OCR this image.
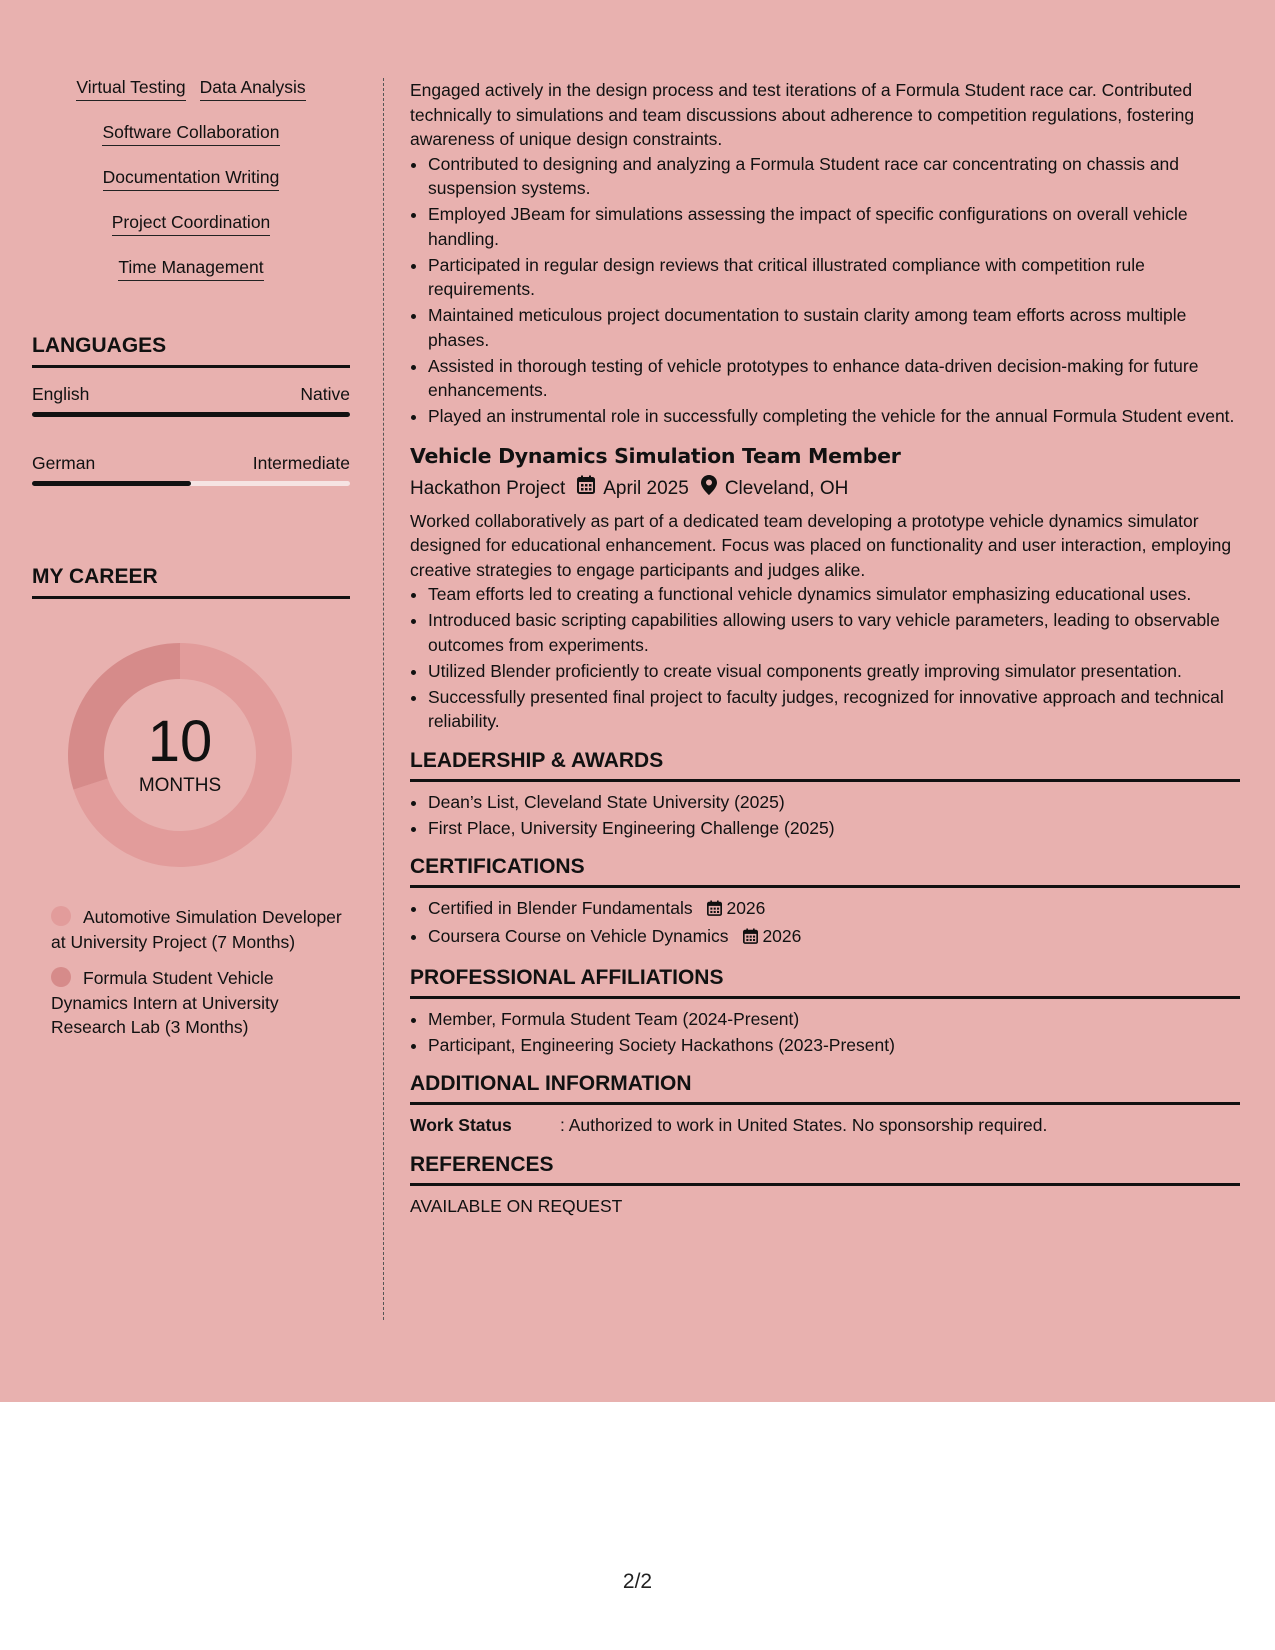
Virtual Testing Data Analysis
Software Collaboration
Documentation Writing
Project Coordination
Time Management
LANGUAGES
English	Native
German	Intermediate
MY CAREER
10
MONTHS
Automotive Simulation Developer at University Project (7 Months)
Formula Student Vehicle Dynamics Intern at University Research Lab (3 Months)

Engaged actively in the design process and test iterations of a Formula Student race car. Contributed technically to simulations and team discussions about adherence to competition regulations, fostering awareness of unique design constraints.

• Contributed to designing and analyzing a Formula Student race car concentrating on chassis and suspension systems.
• Employed JBeam for simulations assessing the impact of specific configurations on overall vehicle handling.
• Participated in regular design reviews that critical illustrated compliance with competition rule requirements.
• Maintained meticulous project documentation to sustain clarity among team efforts across multiple phases.
• Assisted in thorough testing of vehicle prototypes to enhance data-driven decision-making for future enhancements.
• Played an instrumental role in successfully completing the vehicle for the annual Formula Student event.
Vehicle Dynamics Simulation Team Member
Hackathon Project April 2025 Cleveland, OH

Worked collaboratively as part of a dedicated team developing a prototype vehicle dynamics simulator designed for educational enhancement. Focus was placed on functionality and user interaction, employing creative strategies to engage participants and judges alike.

• Team efforts led to creating a functional vehicle dynamics simulator emphasizing educational uses.
• Introduced basic scripting capabilities allowing users to vary vehicle parameters, leading to observable outcomes from experiments.
• Utilized Blender proficiently to create visual components greatly improving simulator presentation.
• Successfully presented final project to faculty judges, recognized for innovative approach and technical reliability.
LEADERSHIP & AWARDS
• Dean’s List, Cleveland State University (2025)
• First Place, University Engineering Challenge (2025)
CERTIFICATIONS
• Certified in Blender Fundamentals 2026
• Coursera Course on Vehicle Dynamics 2026
PROFESSIONAL AFFILIATIONS
• Member, Formula Student Team (2024-Present)
• Participant, Engineering Society Hackathons (2023-Present)
ADDITIONAL INFORMATION
Work Status	: Authorized to work in United States. No sponsorship required.
REFERENCES

AVAILABLE ON REQUEST

2/2
